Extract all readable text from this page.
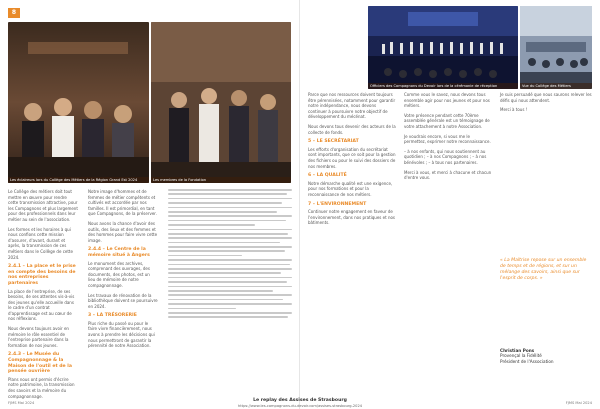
8
Les éclaireurs lors du Collège des Métiers de la Région Grand Est 2024	Les membres de la Fondation

Le Collège des métiers doit tout mettre en œuvre pour rendre cette transmission attractive, pour les Compagnons et plus largement pour des professionnels dans leur métier au sein de l'association.

Les formes et les horaires à qui nous confions cette mission d'assurer, d'avant, durant et après, la transmission de ces métiers dans le Collège de cette 2024.

2.4.1 – La place et le prise en compte des besoins de nos entreprises partenaires

La place de l'entreprise, de ses besoins, de ses attentes vis-à-vis des jeunes qu'elle accueille dans le cadre d'un contrat d'apprentissage est au cœur de nos réflexions.

Nous devons toujours avoir en mémoire le rôle essentiel de l'entreprise partenaire dans la formation de nos jeunes.

2.4.3 – Le Musée du Compagnonnage & la Maison de l'outil et de la pensée ouvrière

Plans nous ont permis d'écrire notre patrimoine, la transmission des savoirs et la mémoire du compagnonnage.

Notre image d'hommes et de femmes de métier compétents et cultivés est accordée par nos familles. Il est primordial, en tant que Compagnons, de la préserver.

Nous avons la chance d'avoir des outils, des lieux et des femmes et des hommes pour faire vivre cette image.

2.4.4 – Le Centre de la mémoire situé à Angers

Le monument des archives, comprenant des ouvrages, des documents, des photos, est un lieu de mémoire de notre compagnonnage.

Les travaux de rénovation de la bibliothèque doivent se poursuivre en 2024.

3 – LA TRÉSORERIE

Plus riche du passé ou pour le faire vivre financièrement, nous avons à prendre les décisions qui nous permettront de garantir la pérennité de notre Association.

FJMS Mai 2024
Officiers des Compagnons du Devoir lors de la cérémonie de réception	Vue du Collège des Métiers

Parce que nos ressources doivent toujours être pérennisées, notamment pour garantir notre indépendance, nous devons continuer à poursuivre notre objectif de développement du mécénat.

Nous devons tous devenir des acteurs de la collecte de fonds.

5 – LE SECRÉTARIAT

Les efforts d'organisation du secrétariat sont importants, que ce soit pour la gestion des fichiers ou pour le suivi des dossiers de nos membres.

6 – LA QUALITÉ

Notre démarche qualité est une exigence, pour nos formations et pour la reconnaissance de nos métiers.

7 – L'ENVIRONNEMENT

Continuer notre engagement en faveur de l'environnement, dans nos pratiques et nos bâtiments.

Comme vous le savez, nous devons tous ensemble agir pour nos jeunes et pour nos métiers.

Votre présence pendant cette 70ème assemblée générale est un témoignage de votre attachement à notre Association.

Je voudrais encore, si vous me le permettez, exprimer notre reconnaissance.

– à nos enfants, qui nous soutiennent au quotidien ; – à nos Compagnons ; – à nos bénévoles ; – à tous nos partenaires.

Merci à vous, et merci à chacune et chacun d'entre vous.

Je suis persuadé que nous saurons relever les défis qui nous attendent.

Merci à tous !

« La Maîtrise repose sur un ensemble de temps et de régions, et sur un mélange des savoirs, ainsi que sur l'esprit de corps. »
Christian Pons
Provençal la Fidélité
Président de l'Association
FJMS Mai 2024
Le replay des Assises de Strasbourg
https://www.les-compagnons-du-devoir.com/assises-strasbourg-2024
